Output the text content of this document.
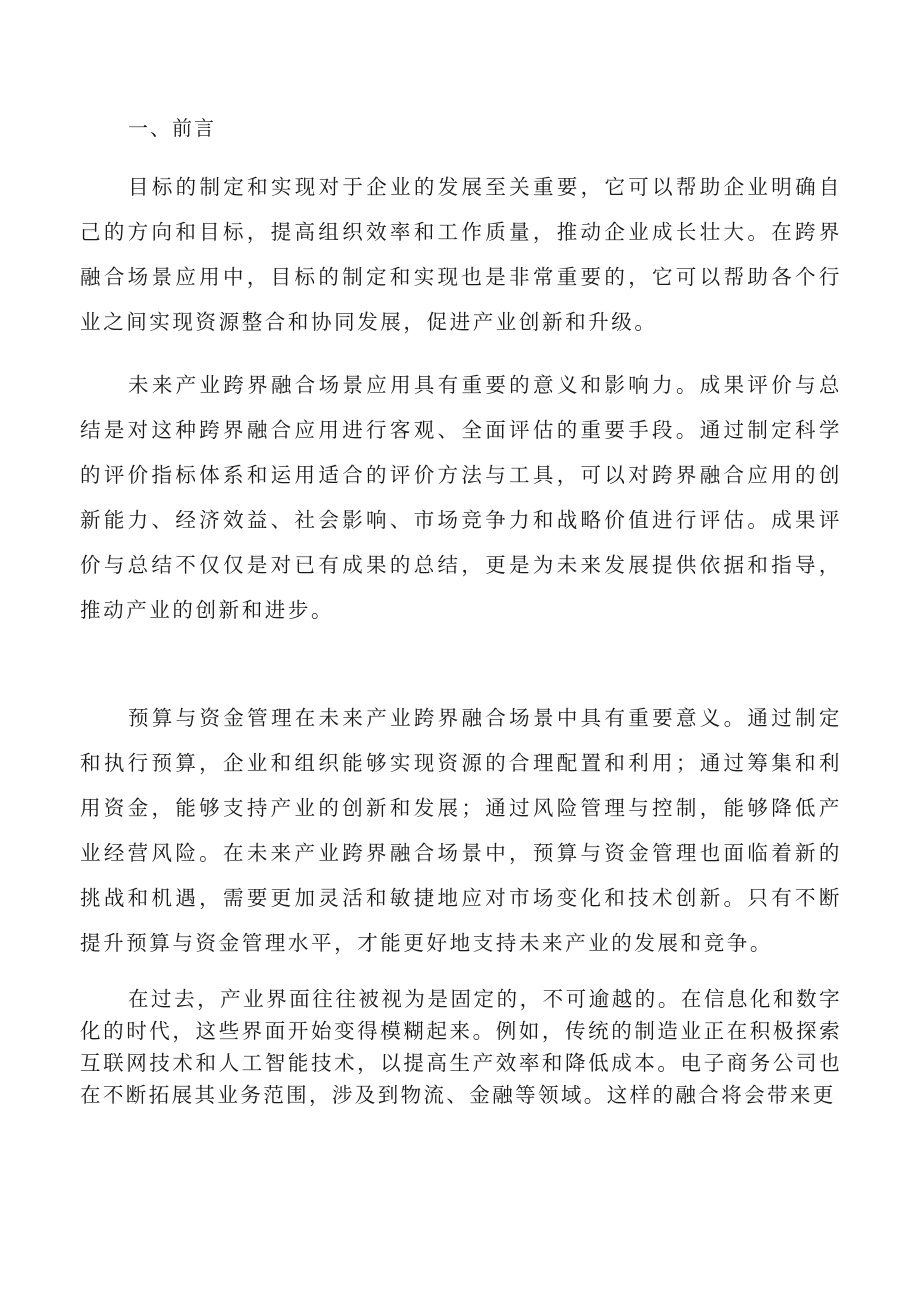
一、前言

目标的制定和实现对于企业的发展至关重要，它可以帮助企业明确自己的方向和目标，提高组织效率和工作质量，推动企业成长壮大。在跨界融合场景应用中，目标的制定和实现也是非常重要的，它可以帮助各个行业之间实现资源整合和协同发展，促进产业创新和升级。

未来产业跨界融合场景应用具有重要的意义和影响力。成果评价与总结是对这种跨界融合应用进行客观、全面评估的重要手段。通过制定科学的评价指标体系和运用适合的评价方法与工具，可以对跨界融合应用的创新能力、经济效益、社会影响、市场竞争力和战略价值进行评估。成果评价与总结不仅仅是对已有成果的总结，更是为未来发展提供依据和指导，推动产业的创新和进步。

预算与资金管理在未来产业跨界融合场景中具有重要意义。通过制定和执行预算，企业和组织能够实现资源的合理配置和利用；通过筹集和利用资金，能够支持产业的创新和发展；通过风险管理与控制，能够降低产业经营风险。在未来产业跨界融合场景中，预算与资金管理也面临着新的挑战和机遇，需要更加灵活和敏捷地应对市场变化和技术创新。只有不断提升预算与资金管理水平，才能更好地支持未来产业的发展和竞争。

在过去，产业界面往往被视为是固定的，不可逾越的。在信息化和数字化的时代，这些界面开始变得模糊起来。例如，传统的制造业正在积极探索互联网技术和人工智能技术，以提高生产效率和降低成本。电子商务公司也在不断拓展其业务范围，涉及到物流、金融等领域。这样的融合将会带来更
